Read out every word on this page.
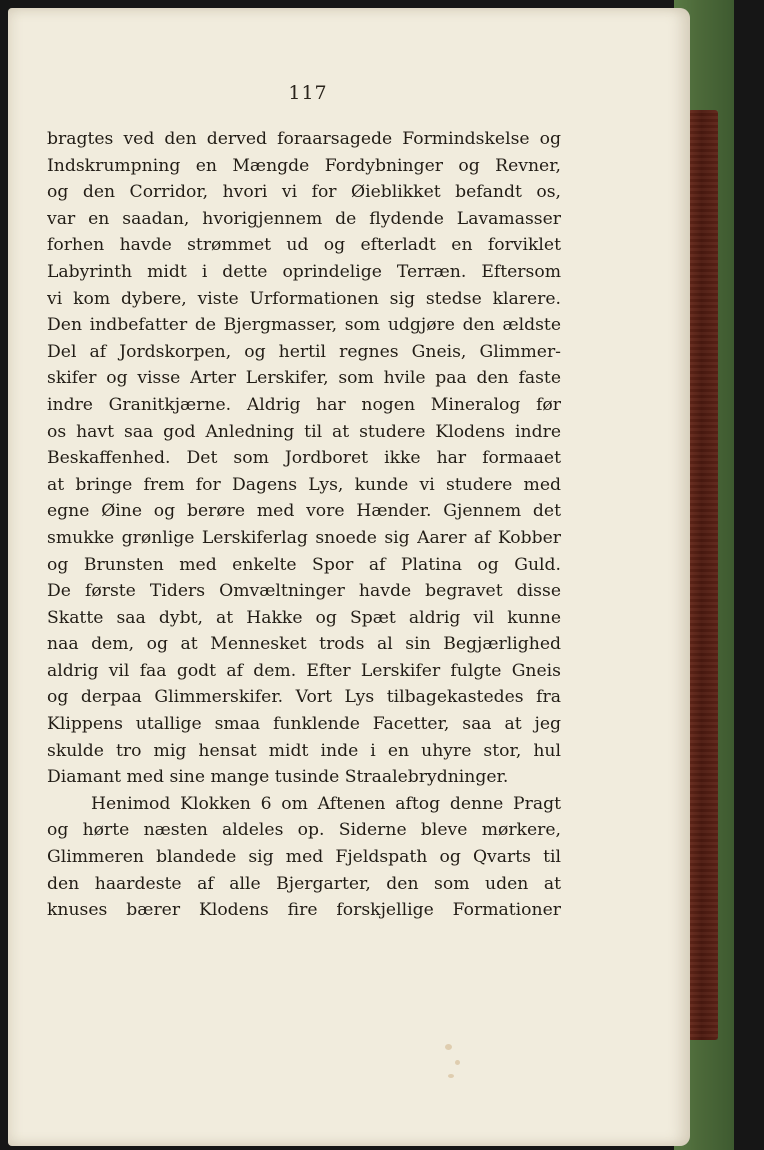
117
bragtes ved den derved foraarsagede Formindskelse og
Indskrumpning en Mængde Fordybninger og Revner,
og den Corridor, hvori vi for Øieblikket befandt os,
var en saadan, hvorigjennem de flydende Lavamasser
forhen havde strømmet ud og efterladt en forviklet
Labyrinth midt i dette oprindelige Terræn. Eftersom
vi kom dybere, viste Urformationen sig stedse klarere.
Den indbefatter de Bjergmasser, som udgjøre den ældste
Del af Jordskorpen, og hertil regnes Gneis, Glimmer-
skifer og visse Arter Lerskifer, som hvile paa den faste
indre Granitkjærne. Aldrig har nogen Mineralog før
os havt saa god Anledning til at studere Klodens indre
Beskaffenhed. Det som Jordboret ikke har formaaet
at bringe frem for Dagens Lys, kunde vi studere med
egne Øine og berøre med vore Hænder. Gjennem det
smukke grønlige Lerskiferlag snoede sig Aarer af Kobber
og Brunsten med enkelte Spor af Platina og Guld.
De første Tiders Omvæltninger havde begravet disse
Skatte saa dybt, at Hakke og Spæt aldrig vil kunne
naa dem, og at Mennesket trods al sin Begjærlighed
aldrig vil faa godt af dem. Efter Lerskifer fulgte Gneis
og derpaa Glimmerskifer. Vort Lys tilbagekastedes fra
Klippens utallige smaa funklende Facetter, saa at jeg
skulde tro mig hensat midt inde i en uhyre stor, hul
Diamant med sine mange tusinde Straalebrydninger.
Henimod Klokken 6 om Aftenen aftog denne Pragt
og hørte næsten aldeles op. Siderne bleve mørkere,
Glimmeren blandede sig med Fjeldspath og Qvarts til
den haardeste af alle Bjergarter, den som uden at
knuses bærer Klodens fire forskjellige Formationer
